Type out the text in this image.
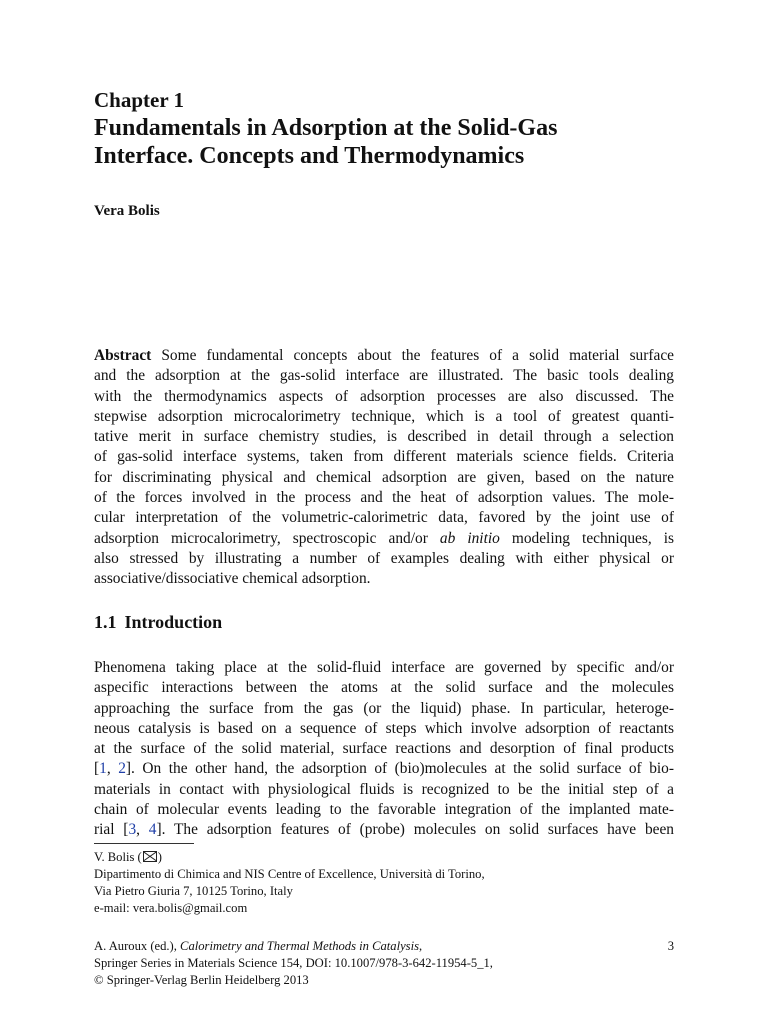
Chapter 1
Fundamentals in Adsorption at the Solid-Gas
Interface. Concepts and Thermodynamics
Vera Bolis
Abstract Some fundamental concepts about the features of a solid material surface
and the adsorption at the gas-solid interface are illustrated. The basic tools dealing
with the thermodynamics aspects of adsorption processes are also discussed. The
stepwise adsorption microcalorimetry technique, which is a tool of greatest quanti-
tative merit in surface chemistry studies, is described in detail through a selection
of gas-solid interface systems, taken from different materials science fields. Criteria
for discriminating physical and chemical adsorption are given, based on the nature
of the forces involved in the process and the heat of adsorption values. The mole-
cular interpretation of the volumetric-calorimetric data, favored by the joint use of
adsorption microcalorimetry, spectroscopic and/or ab initio modeling techniques, is
also stressed by illustrating a number of examples dealing with either physical or
associative/dissociative chemical adsorption.
1.1 Introduction
Phenomena taking place at the solid-fluid interface are governed by specific and/or
aspecific interactions between the atoms at the solid surface and the molecules
approaching the surface from the gas (or the liquid) phase. In particular, heteroge-
neous catalysis is based on a sequence of steps which involve adsorption of reactants
at the surface of the solid material, surface reactions and desorption of final products
[1, 2]. On the other hand, the adsorption of (bio)molecules at the solid surface of bio-
materials in contact with physiological fluids is recognized to be the initial step of a
chain of molecular events leading to the favorable integration of the implanted mate-
rial [3, 4]. The adsorption features of (probe) molecules on solid surfaces have been
V. Bolis ( )
Dipartimento di Chimica and NIS Centre of Excellence, Università di Torino,
Via Pietro Giuria 7, 10125 Torino, Italy
e-mail: vera.bolis@gmail.com
A. Auroux (ed.), Calorimetry and Thermal Methods in Catalysis,
Springer Series in Materials Science 154, DOI: 10.1007/978-3-642-11954-5_1,
© Springer-Verlag Berlin Heidelberg 2013
3
